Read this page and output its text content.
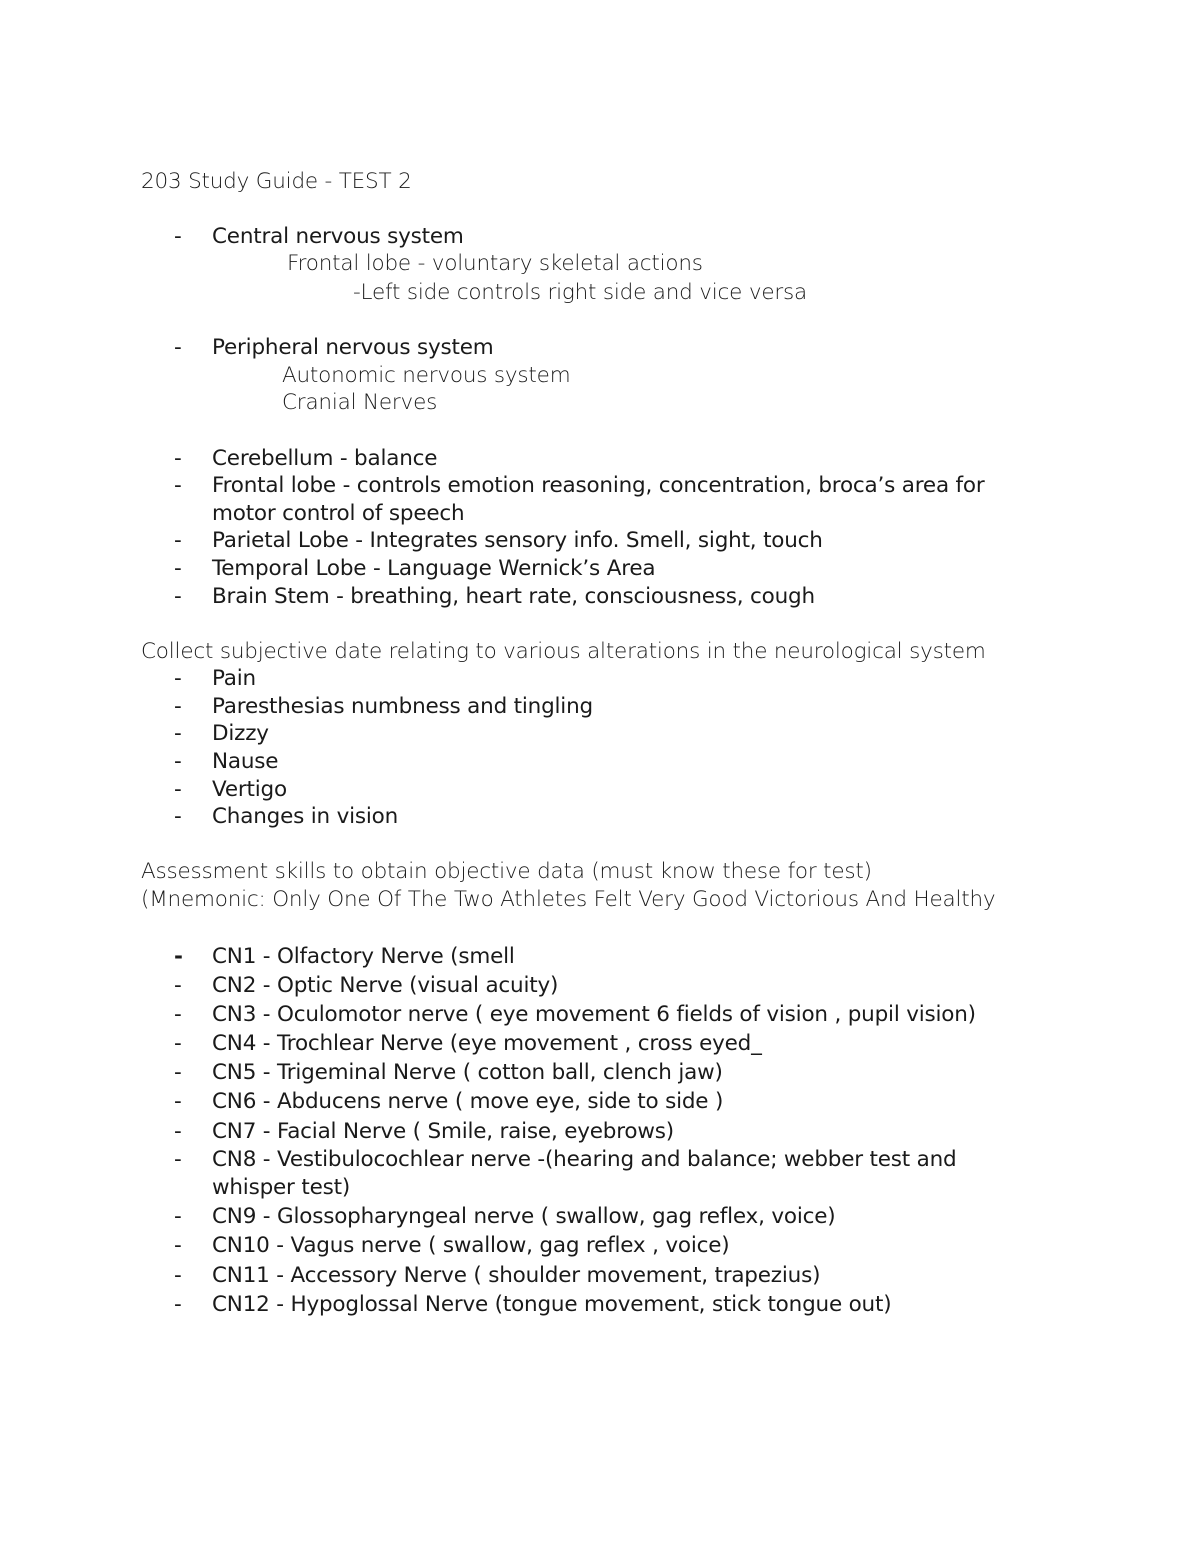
203 Study Guide - TEST 2
- Central nervous system
Frontal lobe - voluntary skeletal actions
-Left side controls right side and vice versa
- Peripheral nervous system
Autonomic nervous system
Cranial Nerves
- Cerebellum - balance
- Frontal lobe - controls emotion reasoning, concentration, broca’s area for
motor control of speech
- Parietal Lobe - Integrates sensory info. Smell, sight, touch
- Temporal Lobe - Language Wernick’s Area
- Brain Stem - breathing, heart rate, consciousness, cough
Collect subjective date relating to various alterations in the neurological system
- Pain
- Paresthesias numbness and tingling
- Dizzy
- Nause
- Vertigo
- Changes in vision
Assessment skills to obtain objective data (must know these for test)
(Mnemonic: Only One Of The Two Athletes Felt Very Good Victorious And Healthy
- CN1 - Olfactory Nerve (smell
- CN2 - Optic Nerve (visual acuity)
- CN3 - Oculomotor nerve ( eye movement 6 fields of vision , pupil vision)
- CN4 - Trochlear Nerve (eye movement , cross eyed_
- CN5 - Trigeminal Nerve ( cotton ball, clench jaw)
- CN6 - Abducens nerve ( move eye, side to side )
- CN7 - Facial Nerve ( Smile, raise, eyebrows)
- CN8 - Vestibulocochlear nerve -(hearing and balance; webber test and
whisper test)
- CN9 - Glossopharyngeal nerve ( swallow, gag reflex, voice)
- CN10 - Vagus nerve ( swallow, gag reflex , voice)
- CN11 - Accessory Nerve ( shoulder movement, trapezius)
- CN12 - Hypoglossal Nerve (tongue movement, stick tongue out)
